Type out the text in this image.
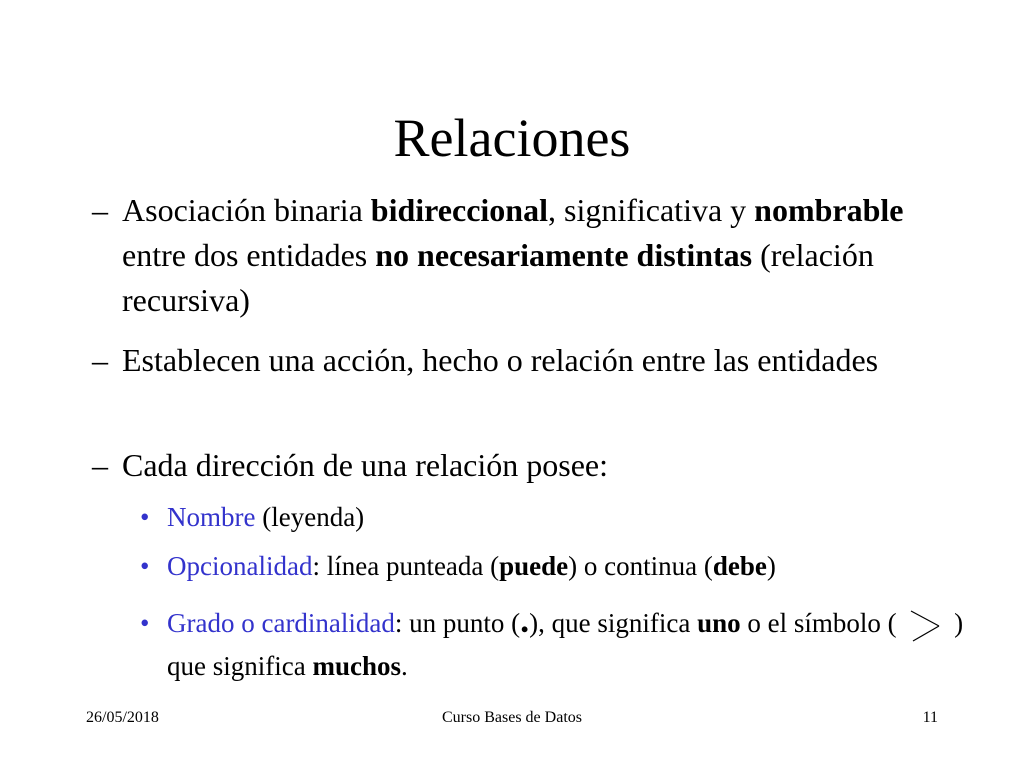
Relaciones
– Asociación binaria bidireccional, significativa y nombrable entre dos entidades no necesariamente distintas (relación recursiva)
– Establecen una acción, hecho o relación entre las entidades
– Cada dirección de una relación posee:
• Nombre (leyenda)
• Opcionalidad: línea punteada (puede) o continua (debe)
• Grado o cardinalidad: un punto (.), que significa uno o el símbolo (  ) que significa muchos.
26/05/2018	Curso Bases de Datos	11
